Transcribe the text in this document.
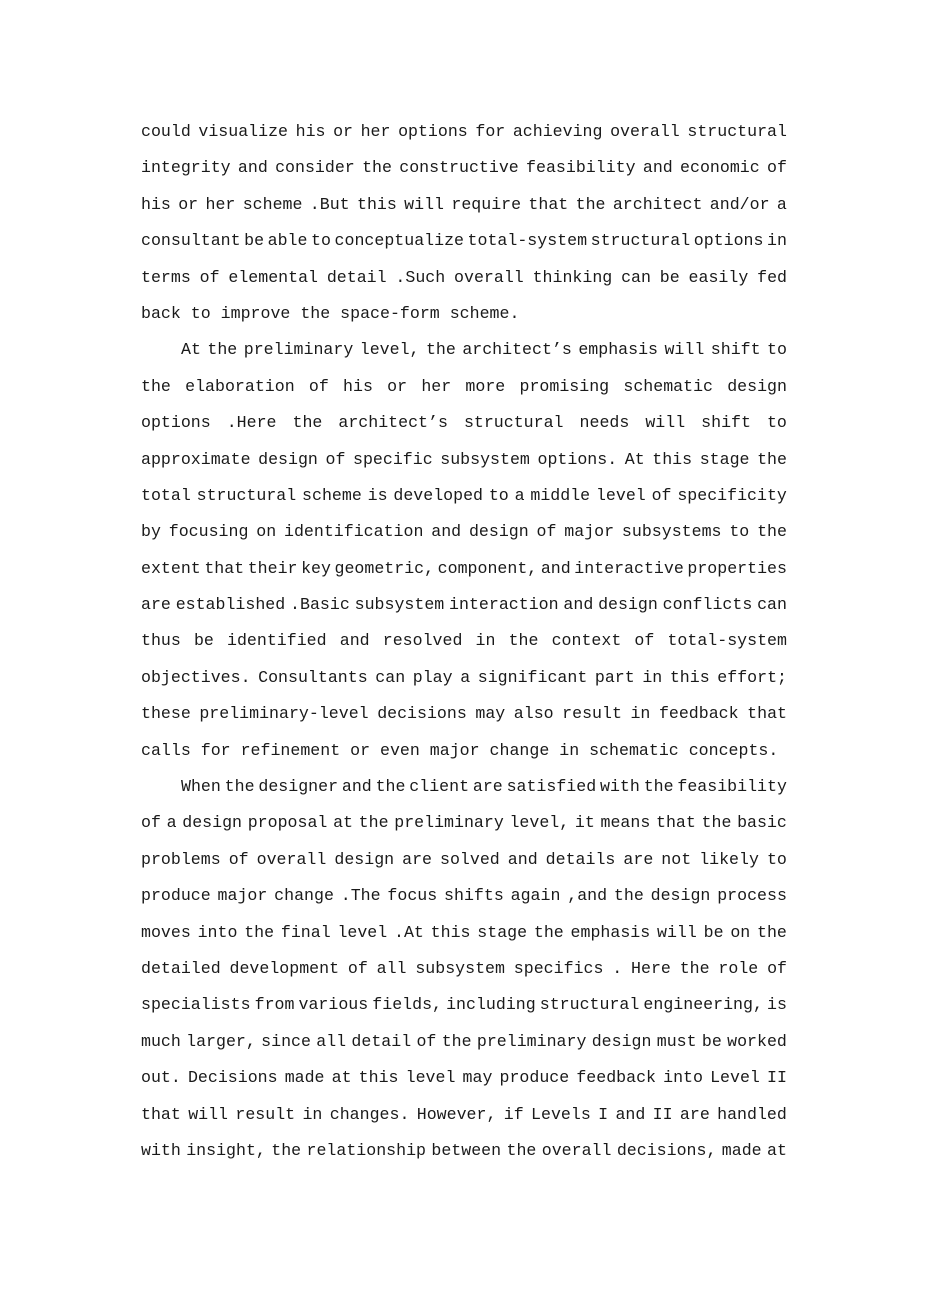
could visualize his or her options for achieving overall structural
integrity and consider the constructive feasibility and economic of
his or her scheme .But this will require that the architect and/or a
consultant be able to conceptualize total-system structural options in
terms of elemental detail .Such overall thinking can be easily fed
back to improve the space-form scheme.
At the preliminary level, the architect’s emphasis will shift to
the elaboration of his or her more promising schematic design
options .Here the architect’s structural needs will shift to
approximate design of specific subsystem options. At this stage the
total structural scheme is developed to a middle level of specificity
by focusing on identification and design of major subsystems to the
extent that their key geometric, component, and interactive properties
are established .Basic subsystem interaction and design conflicts can
thus be identified and resolved in the context of total-system
objectives. Consultants can play a significant part in this effort;
these preliminary-level decisions may also result in feedback that
calls for refinement or even major change in schematic concepts.
When the designer and the client are satisfied with the feasibility
of a design proposal at the preliminary level, it means that the basic
problems of overall design are solved and details are not likely to
produce major change .The focus shifts again ,and the design process
moves into the final level .At this stage the emphasis will be on the
detailed development of all subsystem specifics . Here the role of
specialists from various fields, including structural engineering, is
much larger, since all detail of the preliminary design must be worked
out. Decisions made at this level may produce feedback into Level II
that will result in changes. However, if Levels I and II are handled
with insight, the relationship between the overall decisions, made at
